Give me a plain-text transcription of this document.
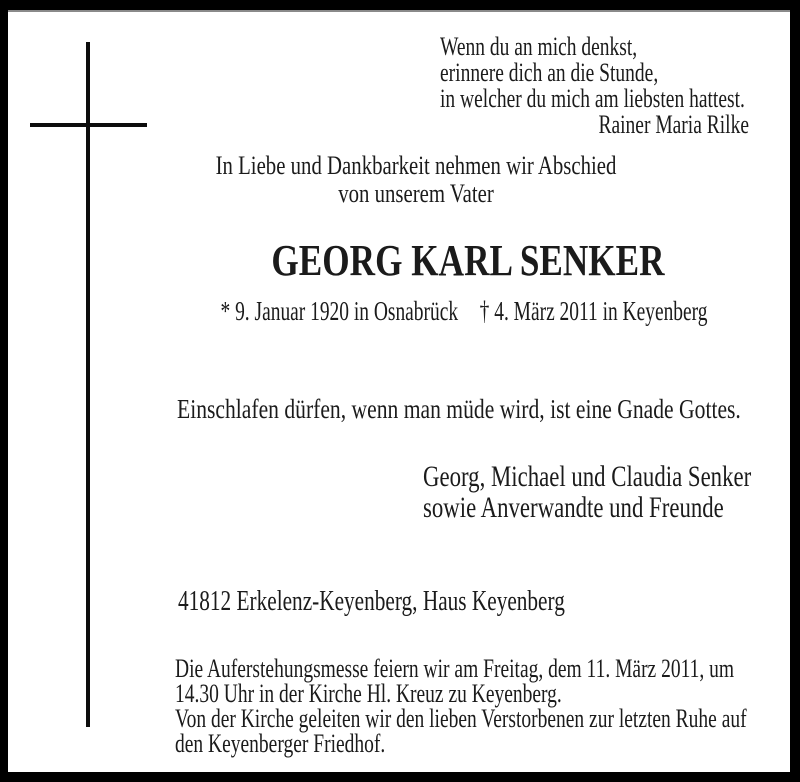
Wenn du an mich denkst,
erinnere dich an die Stunde,
in welcher du mich am liebsten hattest.
Rainer Maria Rilke
In Liebe und Dankbarkeit nehmen wir Abschied
von unserem Vater
GEORG KARL SENKER
* 9. Januar 1920 in Osnabrück † 4. März 2011 in Keyenberg
Einschlafen dürfen, wenn man müde wird, ist eine Gnade Gottes.
Georg, Michael und Claudia Senker
sowie Anverwandte und Freunde
41812 Erkelenz-Keyenberg, Haus Keyenberg
Die Auferstehungsmesse feiern wir am Freitag, dem 11. März 2011, um
14.30 Uhr in der Kirche Hl. Kreuz zu Keyenberg.
Von der Kirche geleiten wir den lieben Verstorbenen zur letzten Ruhe auf
den Keyenberger Friedhof.
